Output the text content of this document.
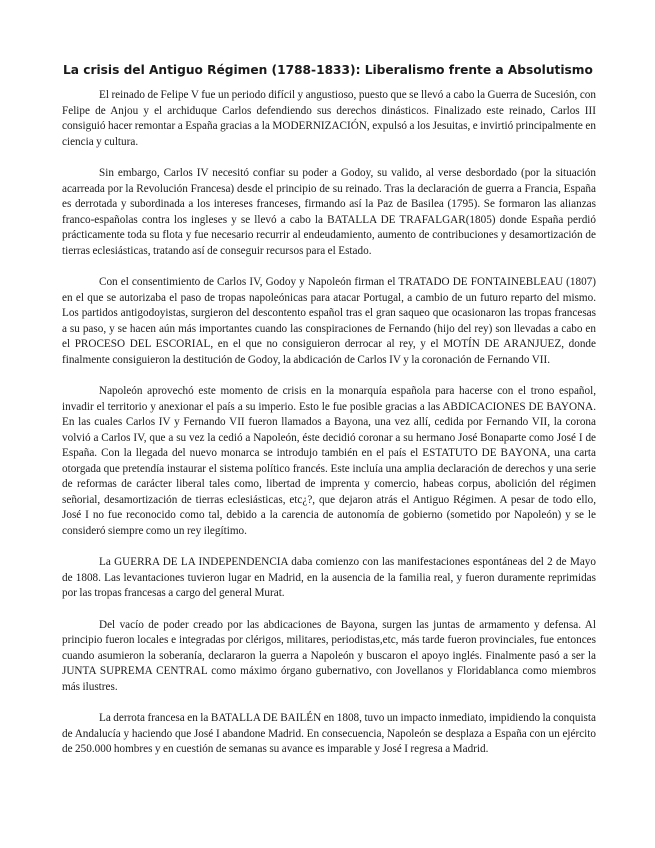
La crisis del Antiguo Régimen (1788-1833): Liberalismo frente a Absolutismo

El reinado de Felipe V fue un periodo difícil y angustioso, puesto que se llevó a cabo la Guerra de Sucesión, con Felipe de Anjou y el archiduque Carlos defendiendo sus derechos dinásticos. Finalizado este reinado, Carlos III consiguió hacer remontar a España gracias a la MODERNIZACIÓN, expulsó a los Jesuitas, e invirtió principalmente en ciencia y cultura.

Sin embargo, Carlos IV necesitó confiar su poder a Godoy, su valido, al verse desbordado (por la situación acarreada por la Revolución Francesa) desde el principio de su reinado. Tras la declaración de guerra a Francia, España es derrotada y subordinada a los intereses franceses, firmando así la Paz de Basilea (1795). Se formaron las alianzas franco-españolas contra los ingleses y se llevó a cabo la BATALLA DE TRAFALGAR(1805) donde España perdió prácticamente toda su flota y fue necesario recurrir al endeudamiento, aumento de contribuciones y desamortización de tierras eclesiásticas, tratando así de conseguir recursos para el Estado.

Con el consentimiento de Carlos IV, Godoy y Napoleón firman el TRATADO DE FONTAINEBLEAU (1807) en el que se autorizaba el paso de tropas napoleónicas para atacar Portugal, a cambio de un futuro reparto del mismo. Los partidos antigodoyistas, surgieron del descontento español tras el gran saqueo que ocasionaron las tropas francesas a su paso, y se hacen aún más importantes cuando las conspiraciones de Fernando (hijo del rey) son llevadas a cabo en el PROCESO DEL ESCORIAL, en el que no consiguieron derrocar al rey, y el MOTÍN DE ARANJUEZ, donde finalmente consiguieron la destitución de Godoy, la abdicación de Carlos IV y la coronación de Fernando VII.

Napoleón aprovechó este momento de crisis en la monarquía española para hacerse con el trono español, invadir el territorio y anexionar el país a su imperio. Esto le fue posible gracias a las ABDICACIONES DE BAYONA. En las cuales Carlos IV y Fernando VII fueron llamados a Bayona, una vez allí, cedida por Fernando VII, la corona volvió a Carlos IV, que a su vez la cedió a Napoleón, éste decidió coronar a su hermano José Bonaparte como José I de España. Con la llegada del nuevo monarca se introdujo también en el país el ESTATUTO DE BAYONA, una carta otorgada que pretendía instaurar el sistema político francés. Este incluía una amplia declaración de derechos y una serie de reformas de carácter liberal tales como, libertad de imprenta y comercio, habeas corpus, abolición del régimen señorial, desamortización de tierras eclesiásticas, etc¿?, que dejaron atrás el Antiguo Régimen. A pesar de todo ello, José I no fue reconocido como tal, debido a la carencia de autonomía de gobierno (sometido por Napoleón) y se le consideró siempre como un rey ilegítimo.

La GUERRA DE LA INDEPENDENCIA daba comienzo con las manifestaciones espontáneas del 2 de Mayo de 1808. Las levantaciones tuvieron lugar en Madrid, en la ausencia de la familia real, y fueron duramente reprimidas por las tropas francesas a cargo del general Murat.

Del vacío de poder creado por las abdicaciones de Bayona, surgen las juntas de armamento y defensa. Al principio fueron locales e integradas por clérigos, militares, periodistas,etc, más tarde fueron provinciales, fue entonces cuando asumieron la soberanía, declararon la guerra a Napoleón y buscaron el apoyo inglés. Finalmente pasó a ser la JUNTA SUPREMA CENTRAL como máximo órgano gubernativo, con Jovellanos y Floridablanca como miembros más ilustres.

La derrota francesa en la BATALLA DE BAILÉN en 1808, tuvo un impacto inmediato, impidiendo la conquista de Andalucía y haciendo que José I abandone Madrid. En consecuencia, Napoleón se desplaza a España con un ejército de 250.000 hombres y en cuestión de semanas su avance es imparable y José I regresa a Madrid.
